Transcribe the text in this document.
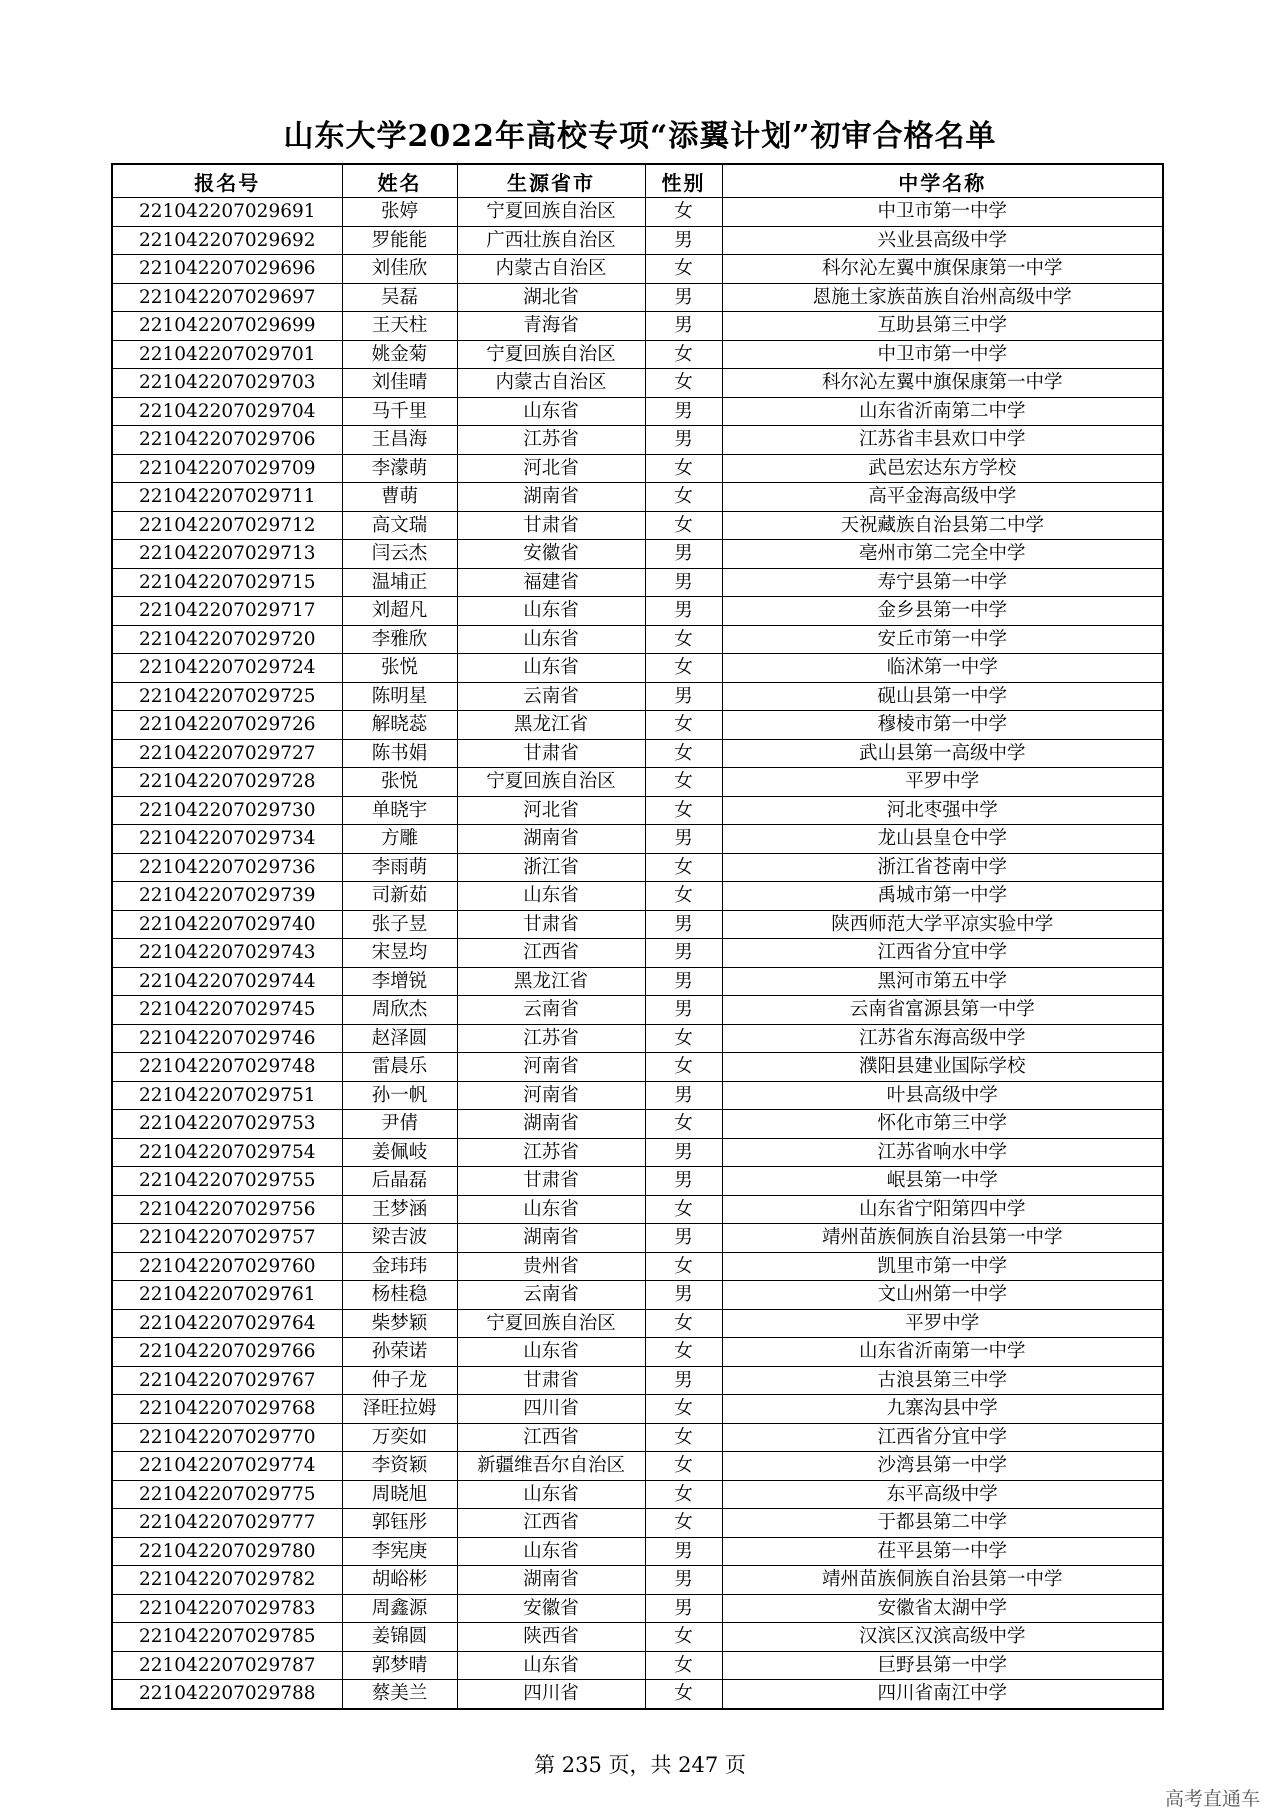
山东大学2022年高校专项“添翼计划”初审合格名单
报名号	姓名	生源省市	性别	中学名称
221042207029691	张婷	宁夏回族自治区	女	中卫市第一中学
221042207029692	罗能能	广西壮族自治区	男	兴业县高级中学
221042207029696	刘佳欣	内蒙古自治区	女	科尔沁左翼中旗保康第一中学
221042207029697	吴磊	湖北省	男	恩施土家族苗族自治州高级中学
221042207029699	王天柱	青海省	男	互助县第三中学
221042207029701	姚金菊	宁夏回族自治区	女	中卫市第一中学
221042207029703	刘佳晴	内蒙古自治区	女	科尔沁左翼中旗保康第一中学
221042207029704	马千里	山东省	男	山东省沂南第二中学
221042207029706	王昌海	江苏省	男	江苏省丰县欢口中学
221042207029709	李濛萌	河北省	女	武邑宏达东方学校
221042207029711	曹萌	湖南省	女	高平金海高级中学
221042207029712	高文瑞	甘肃省	女	天祝藏族自治县第二中学
221042207029713	闫云杰	安徽省	男	亳州市第二完全中学
221042207029715	温埔正	福建省	男	寿宁县第一中学
221042207029717	刘超凡	山东省	男	金乡县第一中学
221042207029720	李雅欣	山东省	女	安丘市第一中学
221042207029724	张悦	山东省	女	临沭第一中学
221042207029725	陈明星	云南省	男	砚山县第一中学
221042207029726	解晓蕊	黑龙江省	女	穆棱市第一中学
221042207029727	陈书娟	甘肃省	女	武山县第一高级中学
221042207029728	张悦	宁夏回族自治区	女	平罗中学
221042207029730	单晓宇	河北省	女	河北枣强中学
221042207029734	方雕	湖南省	男	龙山县皇仓中学
221042207029736	李雨萌	浙江省	女	浙江省苍南中学
221042207029739	司新茹	山东省	女	禹城市第一中学
221042207029740	张子昱	甘肃省	男	陕西师范大学平凉实验中学
221042207029743	宋昱均	江西省	男	江西省分宜中学
221042207029744	李增锐	黑龙江省	男	黑河市第五中学
221042207029745	周欣杰	云南省	男	云南省富源县第一中学
221042207029746	赵泽圆	江苏省	女	江苏省东海高级中学
221042207029748	雷晨乐	河南省	女	濮阳县建业国际学校
221042207029751	孙一帆	河南省	男	叶县高级中学
221042207029753	尹倩	湖南省	女	怀化市第三中学
221042207029754	姜佩岐	江苏省	男	江苏省响水中学
221042207029755	后晶磊	甘肃省	男	岷县第一中学
221042207029756	王梦涵	山东省	女	山东省宁阳第四中学
221042207029757	梁吉波	湖南省	男	靖州苗族侗族自治县第一中学
221042207029760	金玮玮	贵州省	女	凯里市第一中学
221042207029761	杨桂稳	云南省	男	文山州第一中学
221042207029764	柴梦颖	宁夏回族自治区	女	平罗中学
221042207029766	孙荣诺	山东省	女	山东省沂南第一中学
221042207029767	仲子龙	甘肃省	男	古浪县第三中学
221042207029768	泽旺拉姆	四川省	女	九寨沟县中学
221042207029770	万奕如	江西省	女	江西省分宜中学
221042207029774	李资颖	新疆维吾尔自治区	女	沙湾县第一中学
221042207029775	周晓旭	山东省	女	东平高级中学
221042207029777	郭钰彤	江西省	女	于都县第二中学
221042207029780	李宪庚	山东省	男	茌平县第一中学
221042207029782	胡峪彬	湖南省	男	靖州苗族侗族自治县第一中学
221042207029783	周鑫源	安徽省	男	安徽省太湖中学
221042207029785	姜锦圆	陕西省	女	汉滨区汉滨高级中学
221042207029787	郭梦晴	山东省	女	巨野县第一中学
221042207029788	蔡美兰	四川省	女	四川省南江中学
第 235 页，共 247 页
高考直通车
